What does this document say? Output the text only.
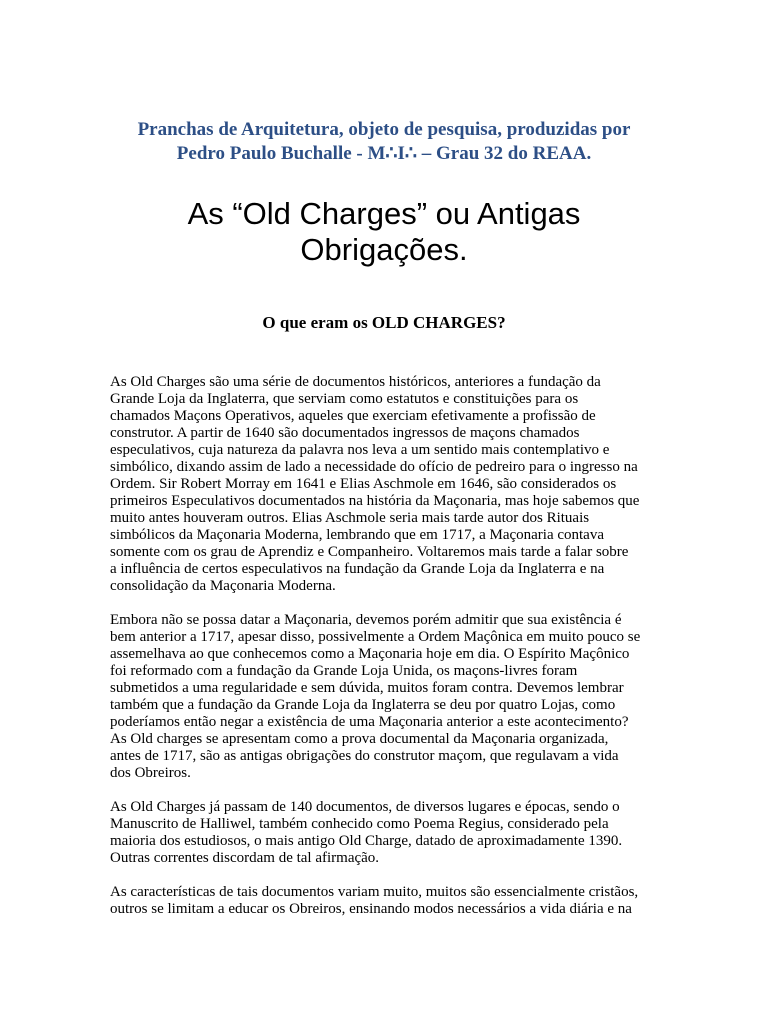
Pranchas de Arquitetura, objeto de pesquisa, produzidas por
Pedro Paulo Buchalle - M∴I∴ – Grau 32 do REAA.
As “Old Charges” ou Antigas
Obrigações.
O que eram os OLD CHARGES?

As Old Charges são uma série de documentos históricos, anteriores a fundação da
Grande Loja da Inglaterra, que serviam como estatutos e constituições para os
chamados Maçons Operativos, aqueles que exerciam efetivamente a profissão de
construtor. A partir de 1640 são documentados ingressos de maçons chamados
especulativos, cuja natureza da palavra nos leva a um sentido mais contemplativo e
simbólico, dixando assim de lado a necessidade do ofício de pedreiro para o ingresso na
Ordem. Sir Robert Morray em 1641 e Elias Aschmole em 1646, são considerados os
primeiros Especulativos documentados na história da Maçonaria, mas hoje sabemos que
muito antes houveram outros. Elias Aschmole seria mais tarde autor dos Rituais
simbólicos da Maçonaria Moderna, lembrando que em 1717, a Maçonaria contava
somente com os grau de Aprendiz e Companheiro. Voltaremos mais tarde a falar sobre
a influência de certos especulativos na fundação da Grande Loja da Inglaterra e na
consolidação da Maçonaria Moderna.

Embora não se possa datar a Maçonaria, devemos porém admitir que sua existência é
bem anterior a 1717, apesar disso, possivelmente a Ordem Maçônica em muito pouco se
assemelhava ao que conhecemos como a Maçonaria hoje em dia. O Espírito Maçônico
foi reformado com a fundação da Grande Loja Unida, os maçons-livres foram
submetidos a uma regularidade e sem dúvida, muitos foram contra. Devemos lembrar
também que a fundação da Grande Loja da Inglaterra se deu por quatro Lojas, como
poderíamos então negar a existência de uma Maçonaria anterior a este acontecimento?
As Old charges se apresentam como a prova documental da Maçonaria organizada,
antes de 1717, são as antigas obrigações do construtor maçom, que regulavam a vida
dos Obreiros.

As Old Charges já passam de 140 documentos, de diversos lugares e épocas, sendo o
Manuscrito de Halliwel, também conhecido como Poema Regius, considerado pela
maioria dos estudiosos, o mais antigo Old Charge, datado de aproximadamente 1390.
Outras correntes discordam de tal afirmação.

As características de tais documentos variam muito, muitos são essencialmente cristãos,
outros se limitam a educar os Obreiros, ensinando modos necessários a vida diária e na
